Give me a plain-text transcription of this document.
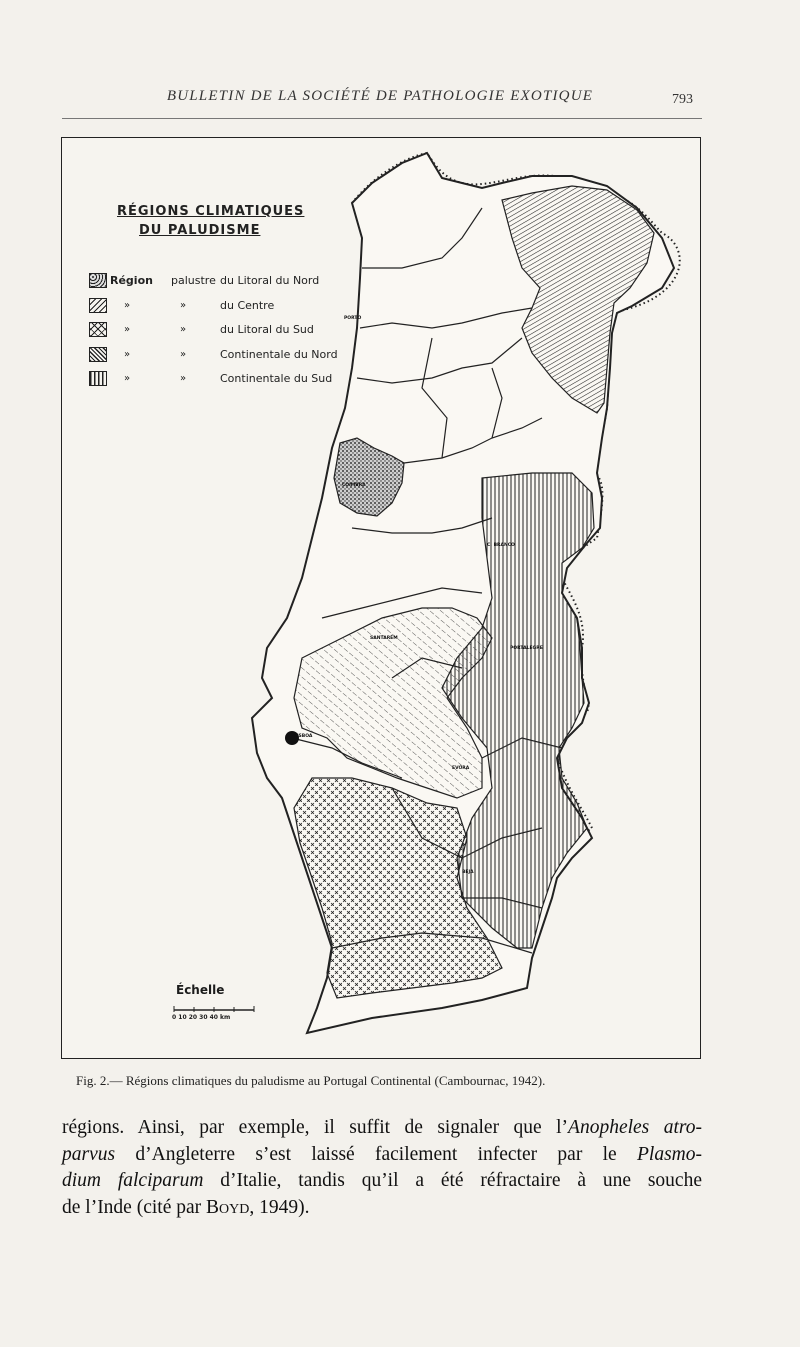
BULLETIN DE LA SOCIÉTÉ DE PATHOLOGIE EXOTIQUE	793
RÉGIONS CLIMATIQUES
DU PALUDISME
Région palustre du Litoral du Nord
»	»	du Centre
»	»	du Litoral du Sud
»	»	Continentale du Nord
»	»	Continentale du Sud
PORTO
LISBOA
C. BRANCO
PORTALEGRE
EVORA
BEJA
SANTARÉM
COIMBRA
Échelle
0 10 20 30 40 km
Fig. 2.— Régions climatiques du paludisme au Portugal Continental (Cambournac, 1942).
régions. Ainsi, par exemple, il suffit de signaler que l’Anopheles atro-
parvus d’Angleterre s’est laissé facilement infecter par le Plasmo-
dium falciparum d’Italie, tandis qu’il a été réfractaire à une souche
de l’Inde (cité par Boyd, 1949).
